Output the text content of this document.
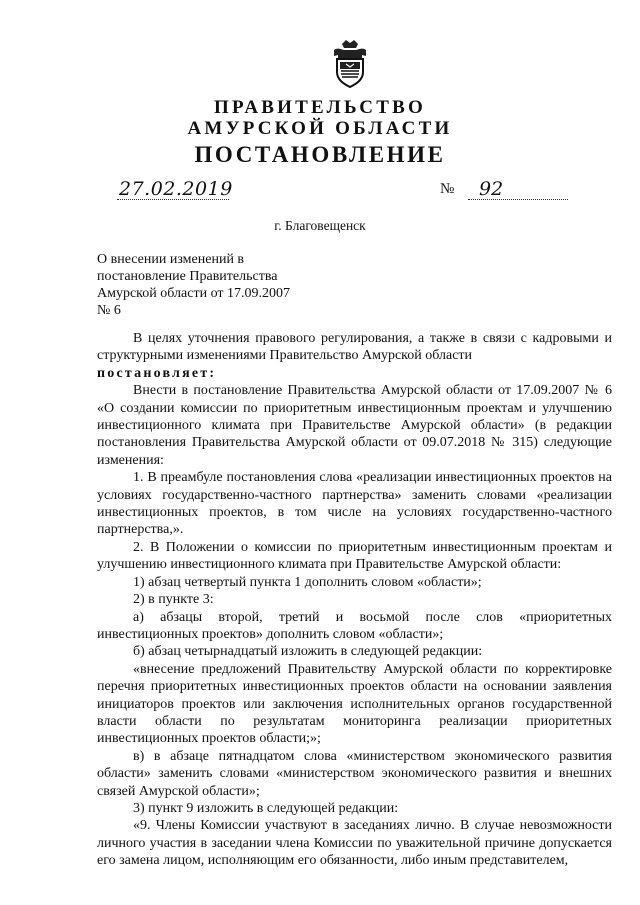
ПРАВИТЕЛЬСТВО
АМУРСКОЙ ОБЛАСТИ
ПОСТАНОВЛЕНИЕ
27.02.2019	№ 92
г. Благовещенск
О внесении изменений в
постановление Правительства
Амурской области от 17.09.2007
№ 6

В целях уточнения правового регулирования, а также в связи с кадровыми и структурными изменениями Правительство Амурской области

постановляет:

Внести в постановление Правительства Амурской области от 17.09.2007 № 6 «О создании комиссии по приоритетным инвестиционным проектам и улучшению инвестиционного климата при Правительстве Амурской области» (в редакции постановления Правительства Амурской области от 09.07.2018 № 315) следующие изменения:

1. В преамбуле постановления слова «реализации инвестиционных проектов на условиях государственно-частного партнерства» заменить словами «реализации инвестиционных проектов, в том числе на условиях государственно-частного партнерства,».

2. В Положении о комиссии по приоритетным инвестиционным проектам и улучшению инвестиционного климата при Правительстве Амурской области:

1) абзац четвертый пункта 1 дополнить словом «области»;

2) в пункте 3:

а) абзацы второй, третий и восьмой после слов «приоритетных инвестиционных проектов» дополнить словом «области»;

б) абзац четырнадцатый изложить в следующей редакции:

«внесение предложений Правительству Амурской области по корректировке перечня приоритетных инвестиционных проектов области на основании заявления инициаторов проектов или заключения исполнительных органов государственной власти области по результатам мониторинга реализации приоритетных инвестиционных проектов области;»;

в) в абзаце пятнадцатом слова «министерством экономического развития области» заменить словами «министерством экономического развития и внешних связей Амурской области»;

3) пункт 9 изложить в следующей редакции:

«9. Члены Комиссии участвуют в заседаниях лично. В случае невозможности личного участия в заседании члена Комиссии по уважительной причине допускается его замена лицом, исполняющим его обязанности, либо иным представителем,
